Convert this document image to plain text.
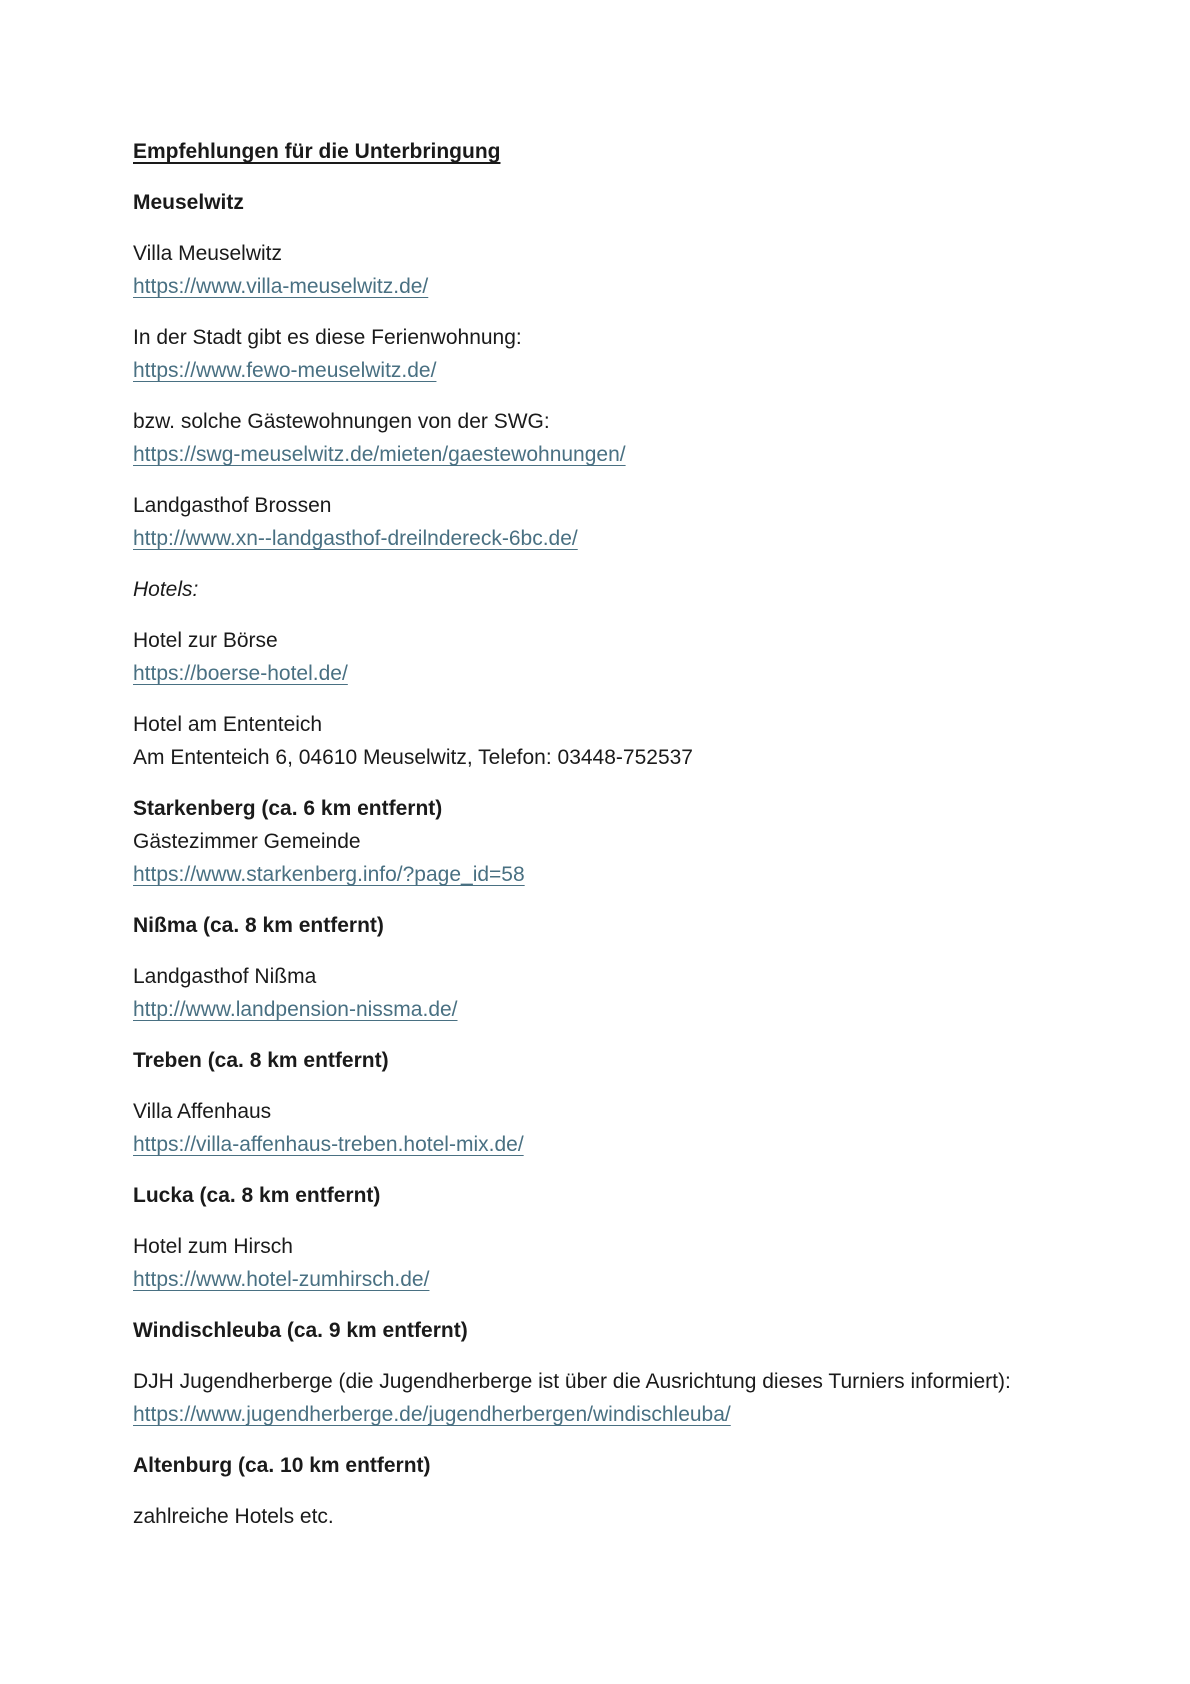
Empfehlungen für die Unterbringung

Meuselwitz

Villa Meuselwitz
https://www.villa-meuselwitz.de/

In der Stadt gibt es diese Ferienwohnung:
https://www.fewo-meuselwitz.de/

bzw. solche Gästewohnungen von der SWG:
https://swg-meuselwitz.de/mieten/gaestewohnungen/

Landgasthof Brossen
http://www.xn--landgasthof-dreilndereck-6bc.de/

Hotels:

Hotel zur Börse
https://boerse-hotel.de/

Hotel am Ententeich
Am Ententeich 6, 04610 Meuselwitz, Telefon: 03448-752537

Starkenberg (ca. 6 km entfernt)
Gästezimmer Gemeinde
https://www.starkenberg.info/?page_id=58

Nißma (ca. 8 km entfernt)

Landgasthof Nißma
http://www.landpension-nissma.de/

Treben (ca. 8 km entfernt)

Villa Affenhaus
https://villa-affenhaus-treben.hotel-mix.de/

Lucka (ca. 8 km entfernt)

Hotel zum Hirsch
https://www.hotel-zumhirsch.de/

Windischleuba (ca. 9 km entfernt)

DJH Jugendherberge (die Jugendherberge ist über die Ausrichtung dieses Turniers informiert): https://www.jugendherberge.de/jugendherbergen/windischleuba/

Altenburg (ca. 10 km entfernt)

zahlreiche Hotels etc.
